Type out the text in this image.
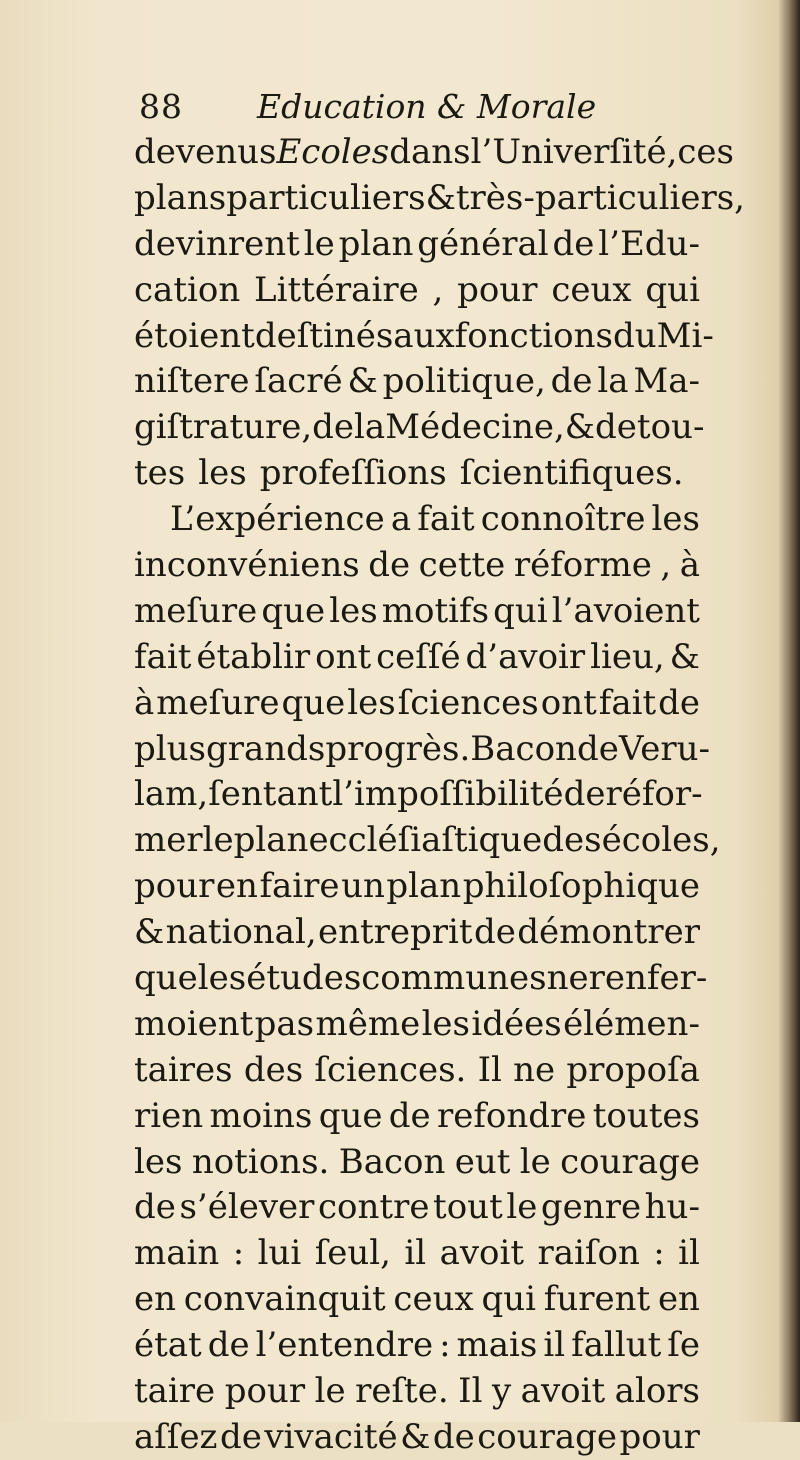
88 Education & Morale
devenus Ecoles dans l’Univerſité, ces
plans particuliers & très-particuliers,
devinrent le plan général de l’Edu-
cation Littéraire , pour ceux qui
étoient deſtinés aux fonctions du Mi-
niſtere ſacré & politique, de la Ma-
giſtrature, de la Médecine, & de tou-
tes les profeſſions ſcientifiques.
L’expérience a fait connoître les
inconvéniens de cette réforme , à
meſure que les motifs qui l’avoient
fait établir ont ceſſé d’avoir lieu, &
à meſure que les ſciences ont fait de
plus grands progrès. Bacon de Veru-
lam, ſentant l’impoſſibilité de réfor-
mer le plan eccléſiaſtique des écoles,
pour en faire un plan philoſophique
& national, entreprit de démontrer
que les études communes ne renfer-
moient pas même les idées élémen-
taires des ſciences. Il ne propoſa
rien moins que de refondre toutes
les notions. Bacon eut le courage
de s’élever contre tout le genre hu-
main : lui ſeul, il avoit raiſon : il
en convainquit ceux qui furent en
état de l’entendre : mais il fallut ſe
taire pour le reſte. Il y avoit alors
aſſez de vivacité & de courage pour
